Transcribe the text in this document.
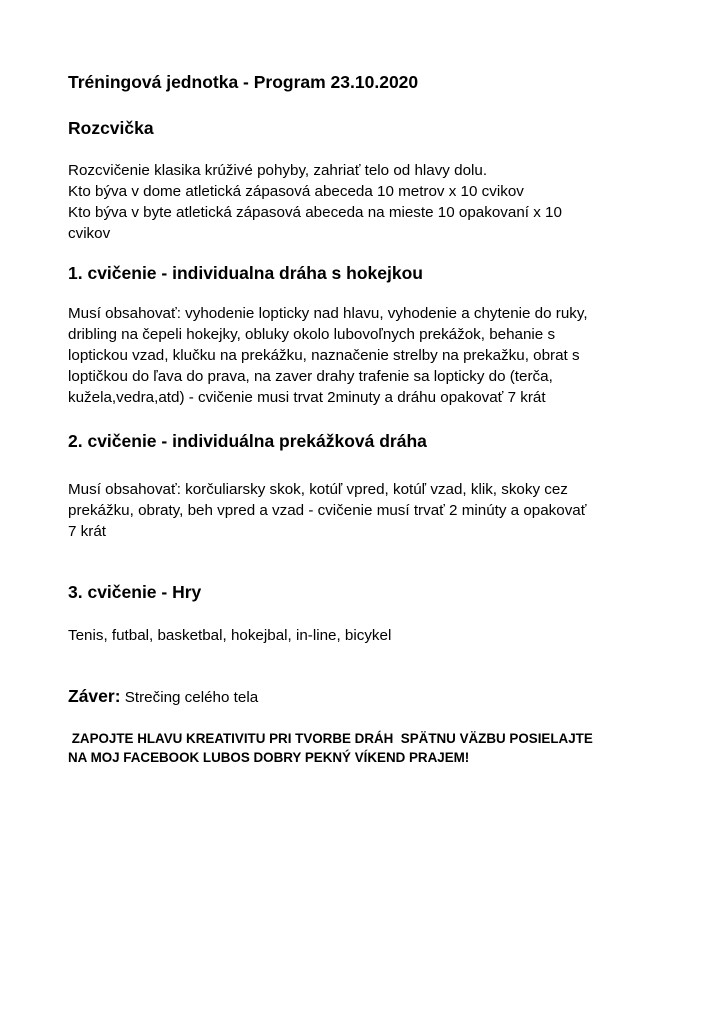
Tréningová jednotka - Program 23.10.2020
Rozcvička
Rozcvičenie klasika krúživé pohyby, zahriať telo od hlavy dolu.
Kto býva v dome atletická zápasová abeceda 10 metrov x 10 cvikov
Kto býva v byte atletická zápasová abeceda na mieste 10 opakovaní x 10
cvikov
1. cvičenie - individualna dráha s hokejkou
Musí obsahovať: vyhodenie lopticky nad hlavu, vyhodenie a chytenie do ruky,
dribling na čepeli hokejky, obluky okolo lubovoľnych prekážok, behanie s
loptickou vzad, klučku na prekážku, naznačenie strelby na prekažku, obrat s
loptičkou do ľava do prava, na zaver drahy trafenie sa lopticky do (terča,
kužela,vedra,atd) - cvičenie musi trvat 2minuty a dráhu opakovať 7 krát
2. cvičenie - individuálna prekážková dráha
Musí obsahovať: korčuliarsky skok, kotúľ vpred, kotúľ vzad, klik, skoky cez
prekážku, obraty, beh vpred a vzad - cvičenie musí trvať 2 minúty a opakovať
7 krát
3. cvičenie - Hry
Tenis, futbal, basketbal, hokejbal, in-line, bicykel

Záver: Strečing celého tela

ZAPOJTE HLAVU KREATIVITU PRI TVORBE DRÁH  SPÄTNU VÄZBU POSIELAJTE
NA MOJ FACEBOOK LUBOS DOBRY PEKNÝ VÍKEND PRAJEM!
